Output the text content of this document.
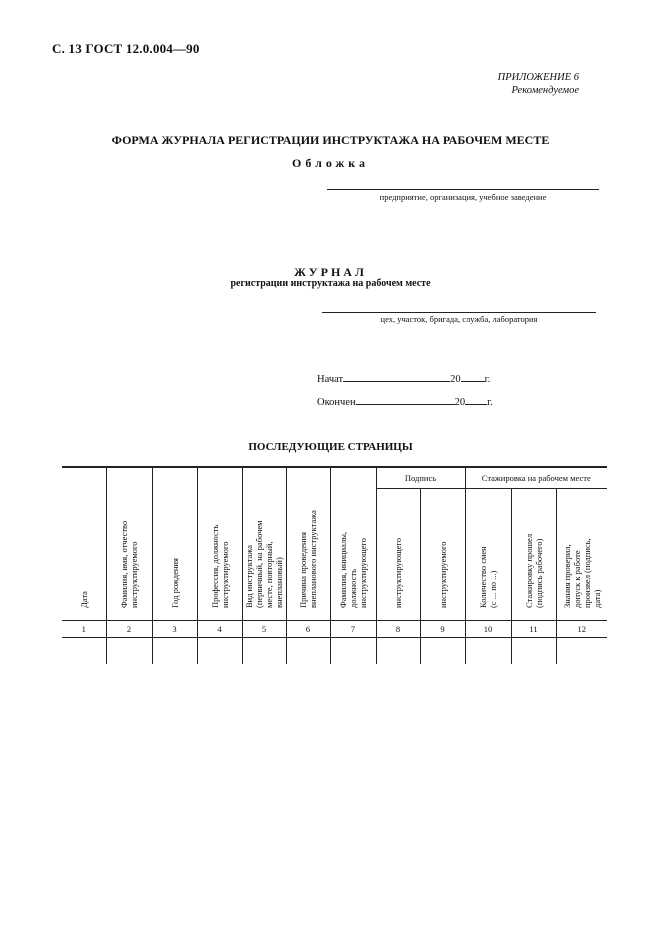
С. 13 ГОСТ 12.0.004—90
ПРИЛОЖЕНИЕ 6
Рекомендуемое
ФОРМА ЖУРНАЛА РЕГИСТРАЦИИ ИНСТРУКТАЖА НА РАБОЧЕМ МЕСТЕ
Обложка
предприятие, организация, учебное заведение
ЖУРНАЛ
регистрации инструктажа на рабочем месте
цех, участок, бригада, служба, лаборатория
Начат	20 г.
Окончен	20 г.
ПОСЛЕДУЮЩИЕ СТРАНИЦЫ
Дата	Фамилия, имя, отчество инструктируемого	Год рождения	Профессия, должность инструктируемого	Вид инструктажа (первичный, на рабочем месте, повторный, внеплановый)	Причина проведения внепланового инструктажа	Фамилия, инициалы, должность инструктирующего	Подпись		Стажировка на рабочем месте		

							инструктирующего	инструктируемого	Количество смен (с ... по ...)	Стажировку прошел (подпись рабочего)	Знания проверил, допуск к работе произвел (подпись, дата)

1	2	3	4	5	6	7	8	9	10	11	12
